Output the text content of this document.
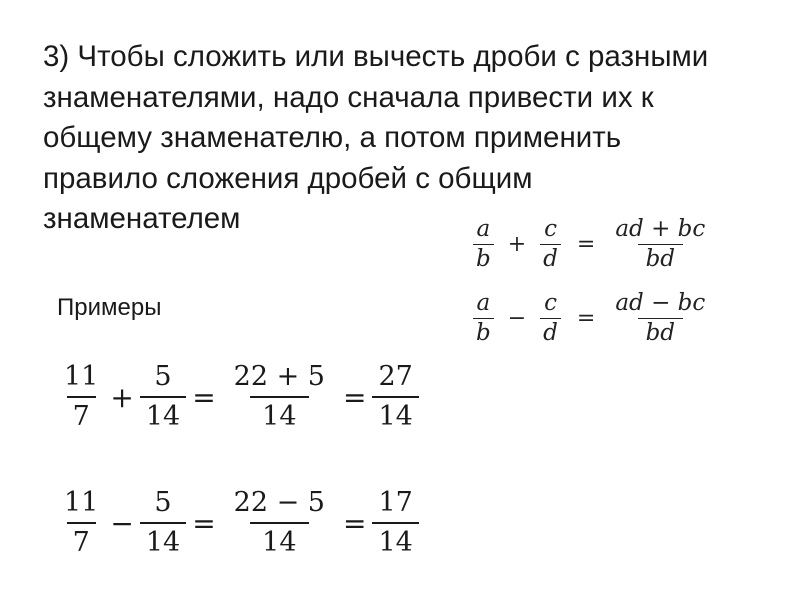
3) Чтобы сложить или вычесть дроби с разными знаменателями, надо сначала привести их к общему знаменателю, а потом применить правило сложения дробей с общим знаменателем	$\frac{a}{b} + \frac{c}{d} = \frac{ad + bc}{bd}$
$\frac{a}{b} - \frac{c}{d} = \frac{ad - bc}{bd}$
Примеры
$\frac{11}{7} + \frac{5}{14} = \frac{22 + 5}{14} = \frac{27}{14}$
$\frac{11}{7} - \frac{5}{14} = \frac{22 - 5}{14} = \frac{17}{14}$
